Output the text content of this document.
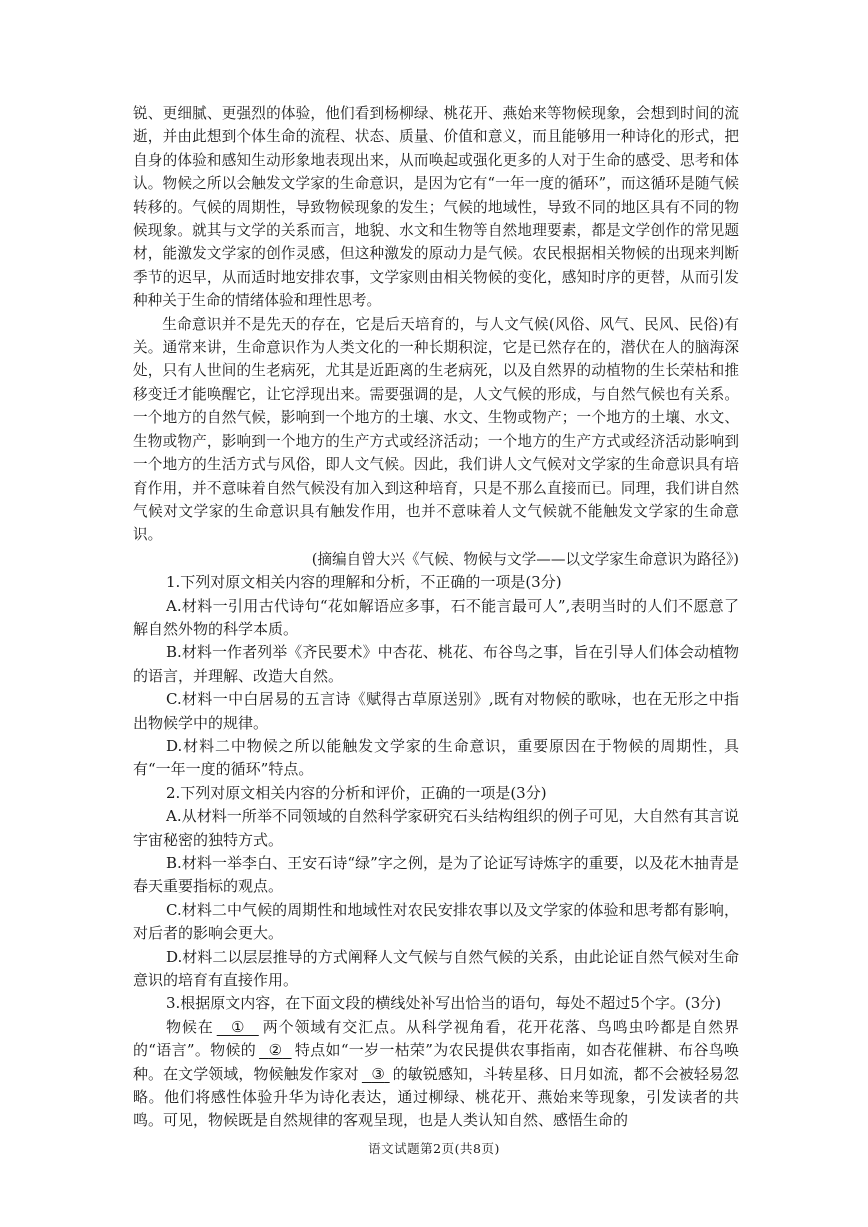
锐、更细腻、更强烈的体验，他们看到杨柳绿、桃花开、燕始来等物候现象，会想到时间的流逝，并由此想到个体生命的流程、状态、质量、价值和意义，而且能够用一种诗化的形式，把自身的体验和感知生动形象地表现出来，从而唤起或强化更多的人对于生命的感受、思考和体认。物候之所以会触发文学家的生命意识，是因为它有“一年一度的循环”，而这循环是随气候转移的。气候的周期性，导致物候现象的发生；气候的地域性，导致不同的地区具有不同的物候现象。就其与文学的关系而言，地貌、水文和生物等自然地理要素，都是文学创作的常见题材，能激发文学家的创作灵感，但这种激发的原动力是气候。农民根据相关物候的出现来判断季节的迟早，从而适时地安排农事，文学家则由相关物候的变化，感知时序的更替，从而引发种种关于生命的情绪体验和理性思考。

生命意识并不是先天的存在，它是后天培育的，与人文气候(风俗、风气、民风、民俗)有关。通常来讲，生命意识作为人类文化的一种长期积淀，它是已然存在的，潜伏在人的脑海深处，只有人世间的生老病死，尤其是近距离的生老病死，以及自然界的动植物的生长荣枯和推移变迁才能唤醒它，让它浮现出来。需要强调的是，人文气候的形成，与自然气候也有关系。一个地方的自然气候，影响到一个地方的土壤、水文、生物或物产；一个地方的土壤、水文、生物或物产，影响到一个地方的生产方式或经济活动；一个地方的生产方式或经济活动影响到一个地方的生活方式与风俗，即人文气候。因此，我们讲人文气候对文学家的生命意识具有培育作用，并不意味着自然气候没有加入到这种培育，只是不那么直接而已。同理，我们讲自然气候对文学家的生命意识具有触发作用，也并不意味着人文气候就不能触发文学家的生命意识。

(摘编自曾大兴《气候、物候与文学——以文学家生命意识为路径》)

1.下列对原文相关内容的理解和分析，不正确的一项是(3分)

A.材料一引用古代诗句“花如解语应多事，石不能言最可人”,表明当时的人们不愿意了解自然外物的科学本质。

B.材料一作者列举《齐民要术》中杏花、桃花、布谷鸟之事，旨在引导人们体会动植物的语言，并理解、改造大自然。

C.材料一中白居易的五言诗《赋得古草原送别》,既有对物候的歌咏，也在无形之中指出物候学中的规律。

D.材料二中物候之所以能触发文学家的生命意识，重要原因在于物候的周期性，具有“一年一度的循环”特点。

2.下列对原文相关内容的分析和评价，正确的一项是(3分)

A.从材料一所举不同领域的自然科学家研究石头结构组织的例子可见，大自然有其言说宇宙秘密的独特方式。

B.材料一举李白、王安石诗“绿”字之例，是为了论证写诗炼字的重要，以及花木抽青是春天重要指标的观点。

C.材料二中气候的周期性和地域性对农民安排农事以及文学家的体验和思考都有影响，对后者的影响会更大。

D.材料二以层层推导的方式阐释人文气候与自然气候的关系，由此论证自然气候对生命意识的培育有直接作用。

3.根据原文内容，在下面文段的横线处补写出恰当的语句，每处不超过5个字。(3分)

物候在 ① 两个领域有交汇点。从科学视角看，花开花落、鸟鸣虫吟都是自然界的“语言”。物候的 ② 特点如“一岁一枯荣”为农民提供农事指南，如杏花催耕、布谷鸟唤种。在文学领域，物候触发作家对 ③ 的敏锐感知，斗转星移、日月如流，都不会被轻易忽略。他们将感性体验升华为诗化表达，通过柳绿、桃花开、燕始来等现象，引发读者的共鸣。可见，物候既是自然规律的客观呈现，也是人类认知自然、感悟生命的

语文试题第2页(共8页)
